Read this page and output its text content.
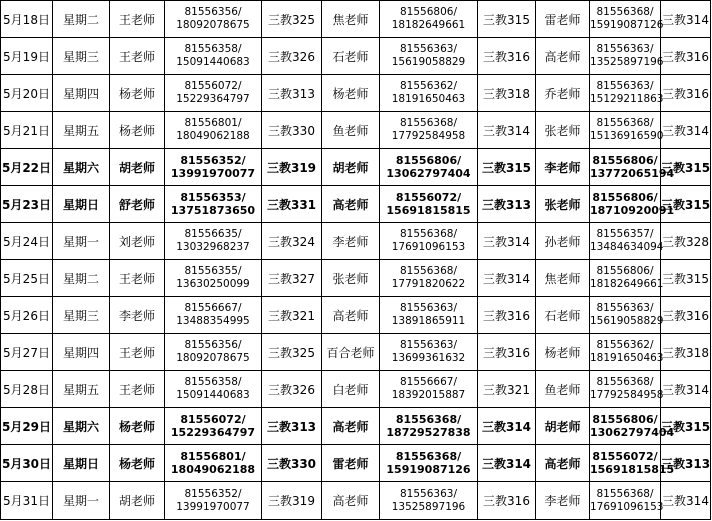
5月18日	星期二	王老师	81556356/
18092078675	三教325	焦老师	81556806/
18182649661	三教315	雷老师	81556368/
15919087126	三教314
5月19日	星期三	王老师	81556358/
15091440683	三教326	石老师	81556363/
15619058829	三教316	高老师	81556363/
13525897196	三教316
5月20日	星期四	杨老师	81556072/
15229364797	三教313	杨老师	81556362/
18191650463	三教318	乔老师	81556363/
15129211863	三教316
5月21日	星期五	杨老师	81556801/
18049062188	三教330	鱼老师	81556368/
17792584958	三教314	张老师	81556368/
15136916590	三教314
5月22日	星期六	胡老师	81556352/
13991970077	三教319	胡老师	81556806/
13062797404	三教315	李老师	81556806/
13772065194	三教315
5月23日	星期日	舒老师	81556353/
13751873650	三教331	高老师	81556072/
15691815815	三教313	张老师	81556806/
18710920091	三教315
5月24日	星期一	刘老师	81556635/
13032968237	三教324	李老师	81556368/
17691096153	三教314	孙老师	81556357/
13484634094	三教328
5月25日	星期二	王老师	81556355/
13630250099	三教327	张老师	81556368/
17791820622	三教314	焦老师	81556806/
18182649661	三教315
5月26日	星期三	李老师	81556667/
13488354995	三教321	高老师	81556363/
13891865911	三教316	石老师	81556363/
15619058829	三教316
5月27日	星期四	王老师	81556356/
18092078675	三教325	百合老师	81556363/
13699361632	三教316	杨老师	81556362/
18191650463	三教318
5月28日	星期五	王老师	81556358/
15091440683	三教326	白老师	81556667/
18392015887	三教321	鱼老师	81556368/
17792584958	三教314
5月29日	星期六	杨老师	81556072/
15229364797	三教313	高老师	81556368/
18729527838	三教314	胡老师	81556806/
13062797404	三教315
5月30日	星期日	杨老师	81556801/
18049062188	三教330	雷老师	81556368/
15919087126	三教314	高老师	81556072/
15691815815	三教313
5月31日	星期一	胡老师	81556352/
13991970077	三教319	高老师	81556363/
13525897196	三教316	李老师	81556368/
17691096153	三教314
